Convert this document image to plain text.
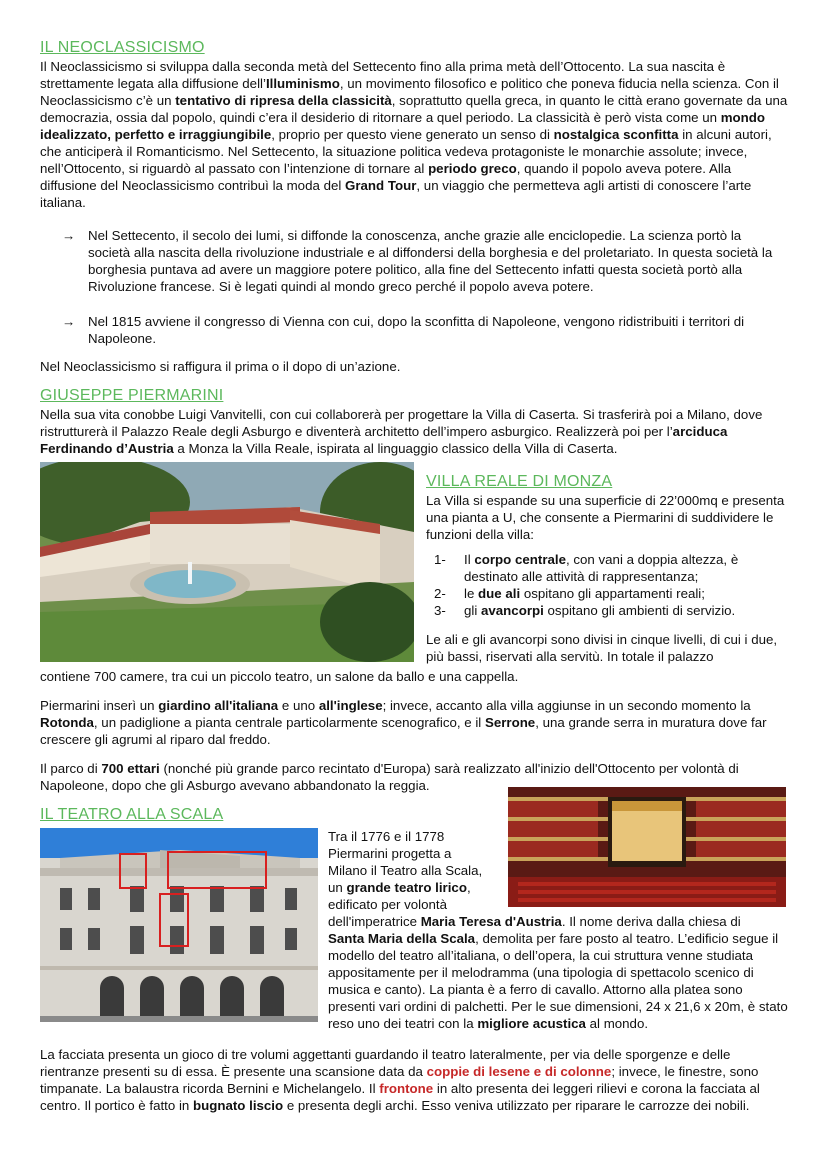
IL NEOCLASSICISMO

Il Neoclassicismo si sviluppa dalla seconda metà del Settecento fino alla prima metà dell’Ottocento. La sua nascita è strettamente legata alla diffusione dell’Illuminismo, un movimento filosofico e politico che poneva fiducia nella scienza. Con il Neoclassicismo c’è un tentativo di ripresa della classicità, soprattutto quella greca, in quanto le città erano governate da una democrazia, ossia dal popolo, quindi c’era il desiderio di ritornare a quel periodo. La classicità è però vista come un mondo idealizzato, perfetto e irraggiungibile, proprio per questo viene generato un senso di nostalgica sconfitta in alcuni autori, che anticiperà il Romanticismo. Nel Settecento, la situazione politica vedeva protagoniste le monarchie assolute; invece, nell’Ottocento, si riguardò al passato con l’intenzione di tornare al periodo greco, quando il popolo aveva potere. Alla diffusione del Neoclassicismo contribuì la moda del Grand Tour, un viaggio che permetteva agli artisti di conoscere l’arte italiana.

→ Nel Settecento, il secolo dei lumi, si diffonde la conoscenza, anche grazie alle enciclopedie. La scienza portò la società alla nascita della rivoluzione industriale e al diffondersi della borghesia e del proletariato. In questa società la borghesia puntava ad avere un maggiore potere politico, alla fine del Settecento infatti questa società portò alla Rivoluzione francese. Si è legati quindi al mondo greco perché il popolo aveva potere.

→ Nel 1815 avviene il congresso di Vienna con cui, dopo la sconfitta di Napoleone, vengono ridistribuiti i territori di Napoleone.

Nel Neoclassicismo si raffigura il prima o il dopo di un’azione.

GIUSEPPE PIERMARINI

Nella sua vita conobbe Luigi Vanvitelli, con cui collaborerà per progettare la Villa di Caserta. Si trasferirà poi a Milano, dove ristrutturerà il Palazzo Reale degli Asburgo e diventerà architetto dell’impero asburgico. Realizzerà poi per l’arciduca Ferdinando d’Austria a Monza la Villa Reale, ispirata al linguaggio classico della Villa di Caserta.

VILLA REALE DI MONZA

La Villa si espande su una superficie di 22’000mq e presenta una pianta a U, che consente a Piermarini di suddividere le funzioni della villa:

1- Il corpo centrale, con vani a doppia altezza, è destinato alle attività di rappresentanza;
2- le due ali ospitano gli appartamenti reali;
3- gli avancorpi ospitano gli ambienti di servizio.

Le ali e gli avancorpi sono divisi in cinque livelli, di cui i due, più bassi, riservati alla servitù. In totale il palazzo

contiene 700 camere, tra cui un piccolo teatro, un salone da ballo e una cappella.

Piermarini inserì un giardino all'italiana e uno all'inglese; invece, accanto alla villa aggiunse in un secondo momento la Rotonda, un padiglione a pianta centrale particolarmente scenografico, e il Serrone, una grande serra in muratura dove far crescere gli agrumi al riparo dal freddo.

Il parco di 700 ettari (nonché più grande parco recintato d'Europa) sarà realizzato all'inizio dell'Ottocento per volontà di Napoleone, dopo che gli Asburgo avevano abbandonato la reggia.

IL TEATRO ALLA SCALA

Tra il 1776 e il 1778

Piermarini progetta a

Milano il Teatro alla Scala,

un grande teatro lirico,

edificato per volontà

dell'imperatrice Maria Teresa d'Austria. Il nome deriva dalla chiesa di

Santa Maria della Scala, demolita per fare posto al teatro. L’edificio segue il modello del teatro all’italiana, o dell’opera, la cui struttura venne studiata appositamente per il melodramma (una tipologia di spettacolo scenico di musica e canto). La pianta è a ferro di cavallo. Attorno alla platea sono presenti vari ordini di palchetti. Per le sue dimensioni, 24 x 21,6 x 20m, è stato reso uno dei teatri con la migliore acustica al mondo.

La facciata presenta un gioco di tre volumi aggettanti guardando il teatro lateralmente, per via delle sporgenze e delle rientranze presenti su di essa. È presente una scansione data da coppie di lesene e di colonne; invece, le finestre, sono timpanate. La balaustra ricorda Bernini e Michelangelo. Il frontone in alto presenta dei leggeri rilievi e corona la facciata al centro. Il portico è fatto in bugnato liscio e presenta degli archi. Esso veniva utilizzato per riparare le carrozze dei nobili.
